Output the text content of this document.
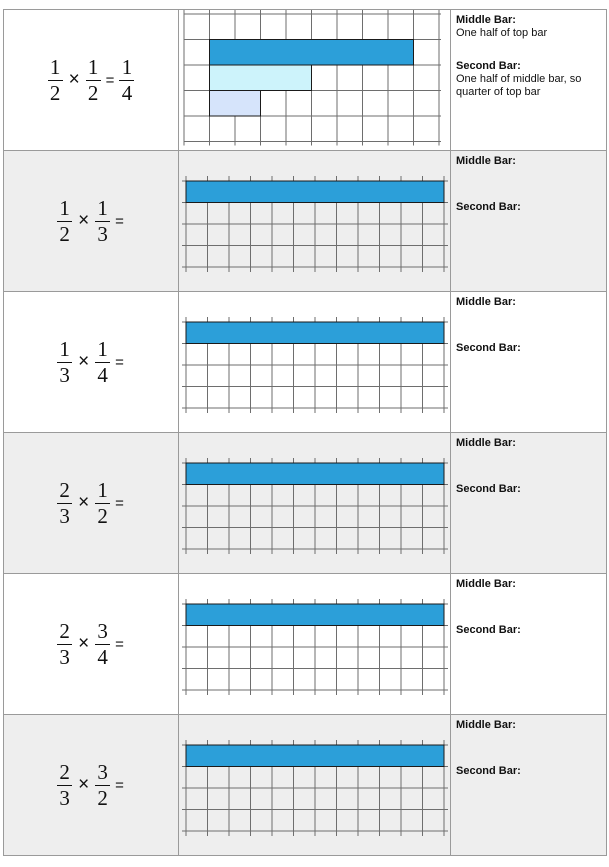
$\frac{1}{2} \times \frac{1}{2} = \frac{1}{4}$
Middle Bar:
One half of top bar
Second Bar:
One half of middle bar, so quarter of top bar
$\frac{1}{2} \times \frac{1}{3}$ =
Middle Bar:
Second Bar:
$\frac{1}{3} \times \frac{1}{4}$ =
Middle Bar:
Second Bar:
$\frac{2}{3} \times \frac{1}{2}$ =
Middle Bar:
Second Bar:
$\frac{2}{3} \times \frac{3}{4}$ =
Middle Bar:
Second Bar:
$\frac{2}{3} \times \frac{3}{2}$ =
Middle Bar:
Second Bar:
